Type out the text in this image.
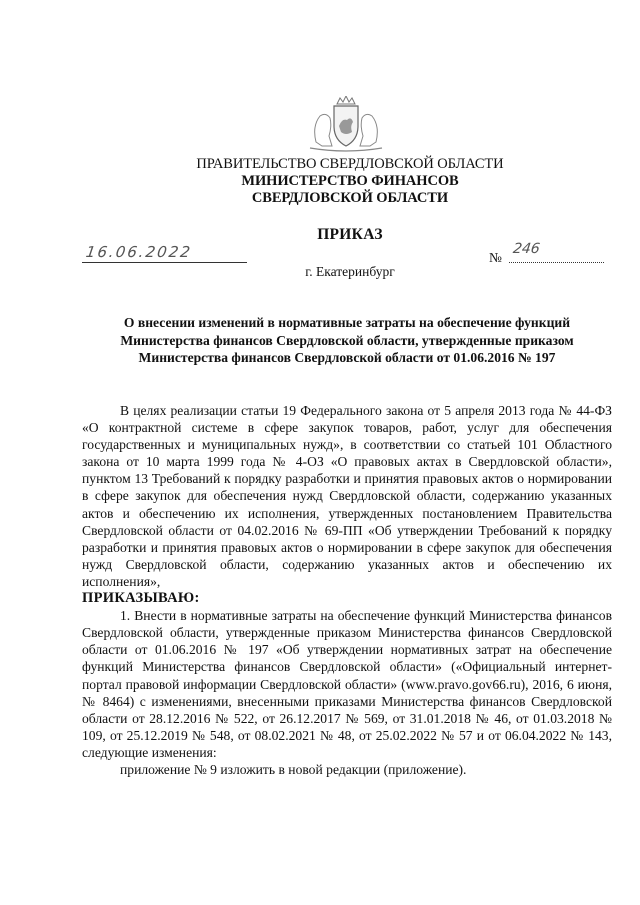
ПРАВИТЕЛЬСТВО СВЕРДЛОВСКОЙ ОБЛАСТИ
МИНИСТЕРСТВО ФИНАНСОВ
СВЕРДЛОВСКОЙ ОБЛАСТИ
ПРИКАЗ
16.06.2022	№
246
г. Екатеринбург
О внесении изменений в нормативные затраты на обеспечение функций Министерства финансов Свердловской области, утвержденные приказом Министерства финансов Свердловской области от 01.06.2016 № 197

В целях реализации статьи 19 Федерального закона от 5 апреля 2013 года № 44-ФЗ «О контрактной системе в сфере закупок товаров, работ, услуг для обеспечения государственных и муниципальных нужд», в соответствии со статьей 101 Областного закона от 10 марта 1999 года № 4-ОЗ «О правовых актах в Свердловской области», пунктом 13 Требований к порядку разработки и принятия правовых актов о нормировании в сфере закупок для обеспечения нужд Свердловской области, содержанию указанных актов и обеспечению их исполнения, утвержденных постановлением Правительства Свердловской области от 04.02.2016 № 69-ПП «Об утверждении Требований к порядку разработки и принятия правовых актов о нормировании в сфере закупок для обеспечения нужд Свердловской области, содержанию указанных актов и обеспечению их исполнения»,

ПРИКАЗЫВАЮ:

1. Внести в нормативные затраты на обеспечение функций Министерства финансов Свердловской области, утвержденные приказом Министерства финансов Свердловской области от 01.06.2016 № 197 «Об утверждении нормативных затрат на обеспечение функций Министерства финансов Свердловской области» («Официальный интернет-портал правовой информации Свердловской области» (www.pravo.gov66.ru), 2016, 6 июня, № 8464) с изменениями, внесенными приказами Министерства финансов Свердловской области от 28.12.2016 № 522, от 26.12.2017 № 569, от 31.01.2018 № 46, от 01.03.2018 № 109, от 25.12.2019 № 548, от 08.02.2021 № 48, от 25.02.2022 № 57 и от 06.04.2022 № 143, следующие изменения:

приложение № 9 изложить в новой редакции (приложение).
